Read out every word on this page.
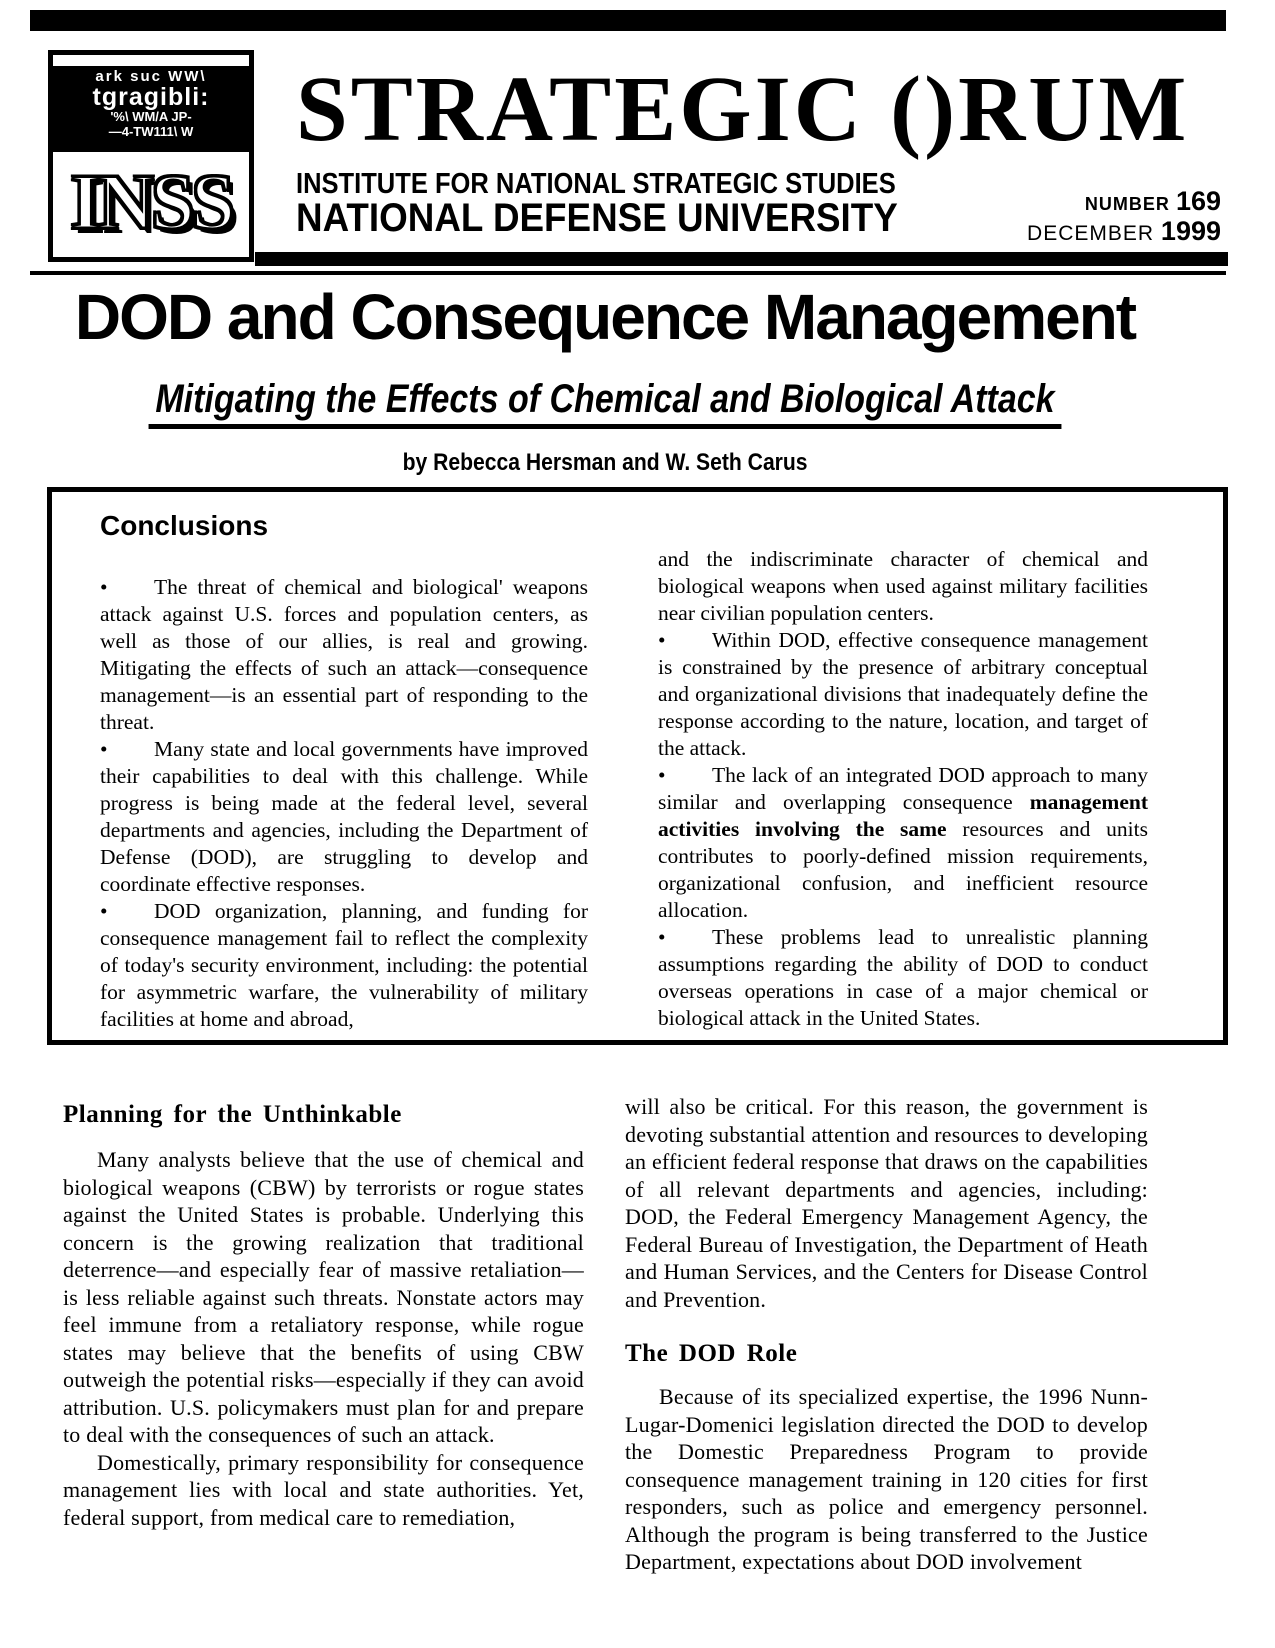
ark suc WW\
tgragibli:
'%\ WM/A JP-
—4-TW111\ W
INSS
STRATEGIC ()RUM
INSTITUTE FOR NATIONAL STRATEGIC STUDIES
NATIONAL DEFENSE UNIVERSITY	NUMBER 169
DECEMBER 1999
DOD and Consequence Management

Mitigating the Effects of Chemical and Biological Attack
by Rebecca Hersman and W. Seth Carus
Conclusions

• The threat of chemical and biological' weapons attack against U.S. forces and population centers, as well as those of our allies, is real and growing. Mitigating the effects of such an attack—consequence management—is an essential part of responding to the threat.

• Many state and local governments have improved their capabilities to deal with this challenge. While progress is being made at the federal level, several departments and agencies, including the Department of Defense (DOD), are struggling to develop and coordinate effective responses.

• DOD organization, planning, and funding for consequence management fail to reflect the complexity of today's security environment, including: the potential for asymmetric warfare, the vulnerability of military facilities at home and abroad,

and the indiscriminate character of chemical and biological weapons when used against military facilities near civilian population centers.

• Within DOD, effective consequence management is constrained by the presence of arbitrary conceptual and organizational divisions that inadequately define the response according to the nature, location, and target of the attack.

• The lack of an integrated DOD approach to many similar and overlapping consequence management activities involving the same resources and units contributes to poorly-defined mission requirements, organizational confusion, and inefficient resource allocation.

• These problems lead to unrealistic planning assumptions regarding the ability of DOD to conduct overseas operations in case of a major chemical or biological attack in the United States.

Planning for the Unthinkable

Many analysts believe that the use of chemical and biological weapons (CBW) by terrorists or rogue states against the United States is probable. Underlying this concern is the growing realization that traditional deterrence—and especially fear of massive retaliation—is less reliable against such threats. Nonstate actors may feel immune from a retaliatory response, while rogue states may believe that the benefits of using CBW outweigh the potential risks—especially if they can avoid attribution. U.S. policymakers must plan for and prepare to deal with the consequences of such an attack.

Domestically, primary responsibility for consequence management lies with local and state authorities. Yet, federal support, from medical care to remediation,

will also be critical. For this reason, the government is devoting substantial attention and resources to developing an efficient federal response that draws on the capabilities of all relevant departments and agencies, including: DOD, the Federal Emergency Management Agency, the Federal Bureau of Investigation, the Department of Heath and Human Services, and the Centers for Disease Control and Prevention.

The DOD Role

Because of its specialized expertise, the 1996 Nunn-Lugar-Domenici legislation directed the DOD to develop the Domestic Preparedness Program to provide consequence management training in 120 cities for first responders, such as police and emergency personnel. Although the program is being transferred to the Justice Department, expectations about DOD involvement
